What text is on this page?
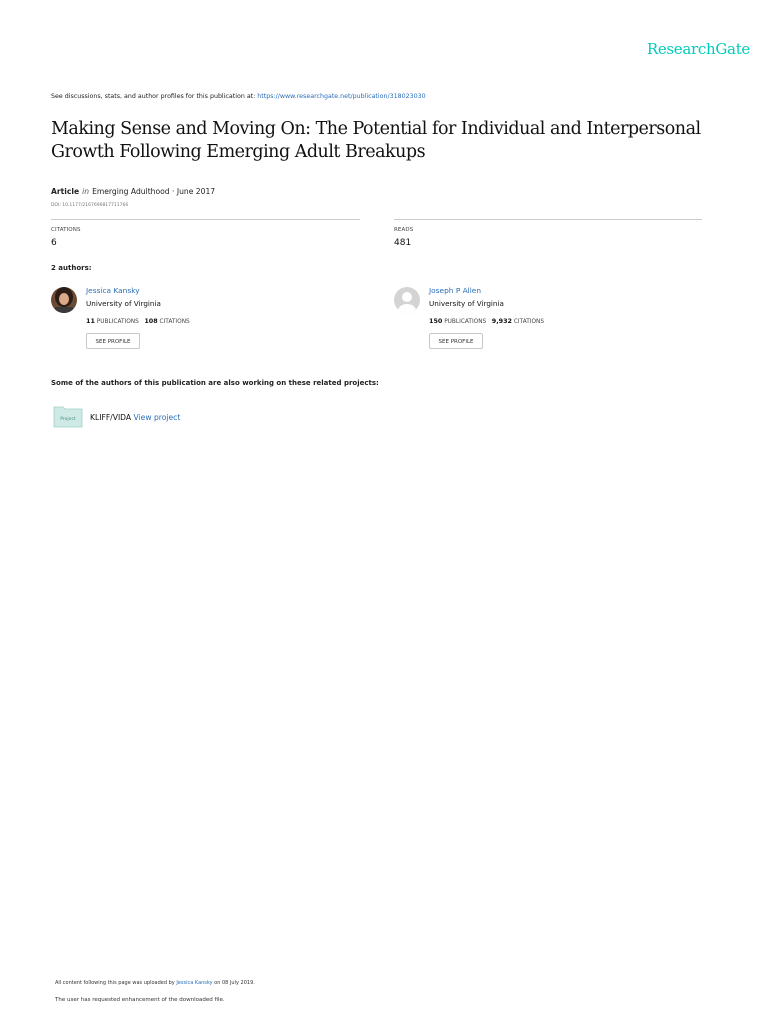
ResearchGate
See discussions, stats, and author profiles for this publication at: https://www.researchgate.net/publication/318023030
Making Sense and Moving On: The Potential for Individual and Interpersonal Growth Following Emerging Adult Breakups
Article in Emerging Adulthood · June 2017
DOI: 10.1177/2167696817711766
CITATIONS
6
READS
481
2 authors:
Jessica Kansky
University of Virginia
11 PUBLICATIONS 108 CITATIONS
SEE PROFILE
Joseph P Allen
University of Virginia
150 PUBLICATIONS 9,932 CITATIONS
SEE PROFILE
Some of the authors of this publication are also working on these related projects:
Project KLIFF/VIDA View project
All content following this page was uploaded by Jessica Kansky on 08 July 2019.
The user has requested enhancement of the downloaded file.
